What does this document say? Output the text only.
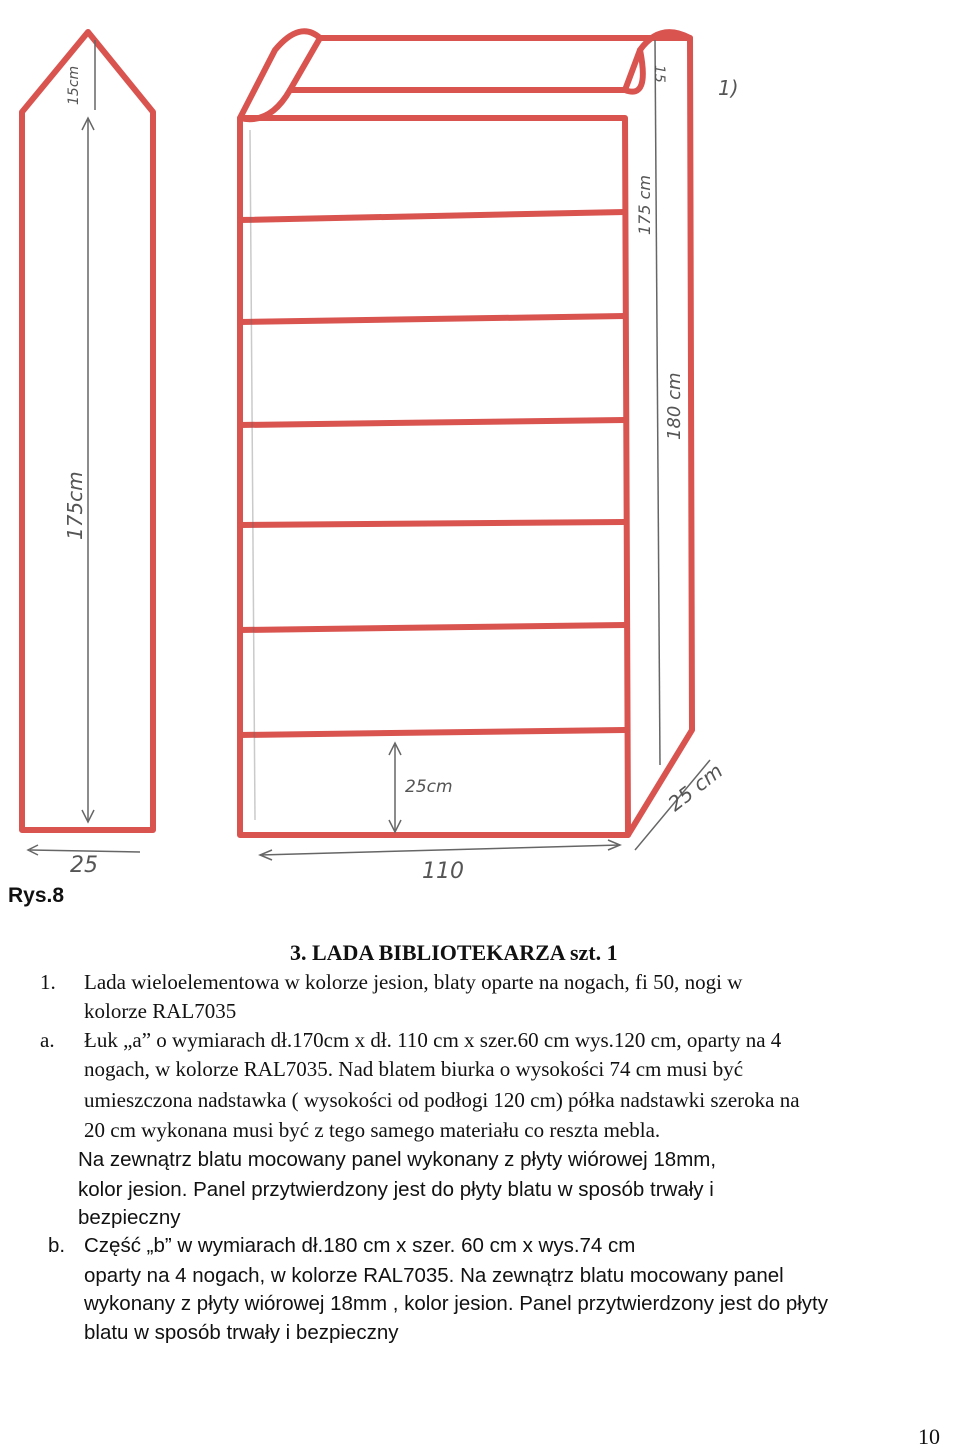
15cm
175cm
25
15
175 cm
180 cm
25cm	25 cm
110
1)
Rys.8
3. LADA BIBLIOTEKARZA szt. 1
1. Lada wieloelementowa w kolorze jesion, blaty oparte na nogach, fi 50, nogi w
kolorze RAL7035
a. Łuk „a” o wymiarach dł.170cm x dł. 110 cm x szer.60 cm wys.120 cm, oparty na 4
nogach, w kolorze RAL7035. Nad blatem biurka o wysokości 74 cm musi być
umieszczona nadstawka ( wysokości od podłogi 120 cm) półka nadstawki szeroka na
20 cm wykonana musi być z tego samego materiału co reszta mebla.
Na zewnątrz blatu mocowany panel wykonany z płyty wiórowej 18mm,
kolor jesion. Panel przytwierdzony jest do płyty blatu w sposób trwały i
bezpieczny
b. Część „b” w wymiarach dł.180 cm x szer. 60 cm x wys.74 cm
oparty na 4 nogach, w kolorze RAL7035. Na zewnątrz blatu mocowany panel
wykonany z płyty wiórowej 18mm , kolor jesion. Panel przytwierdzony jest do płyty
blatu w sposób trwały i bezpieczny
10
